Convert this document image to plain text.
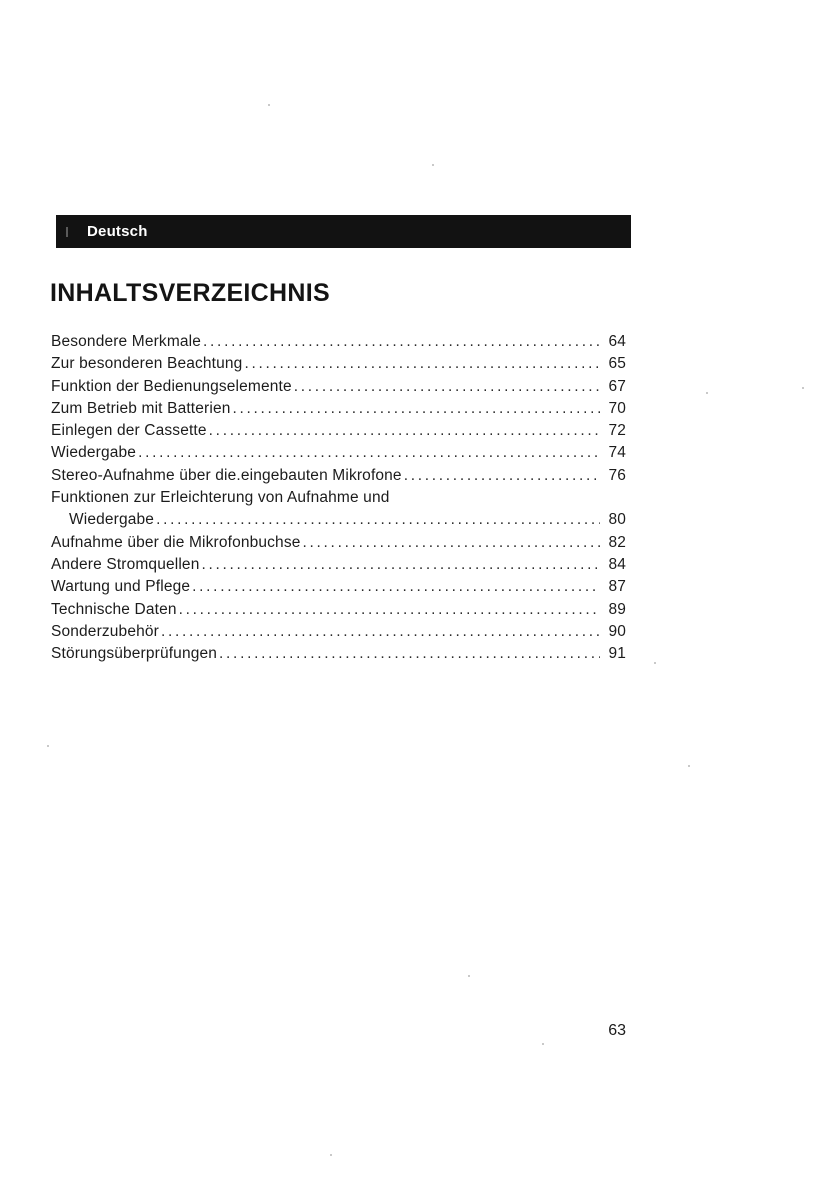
Deutsch
INHALTSVERZEICHNIS
Besondere Merkmale . . .	64
Zur besonderen Beachtung . . .	65
Funktion der Bedienungselemente . . .	67
Zum Betrieb mit Batterien . . .	70
Einlegen der Cassette . . .	72
Wiedergabe . . .	74
Stereo-Aufnahme über die.eingebauten Mikrofone . . .	76
Funktionen zur Erleichterung von Aufnahme und
Wiedergabe . . .	80
Aufnahme über die Mikrofonbuchse . . .	82
Andere Stromquellen . . .	84
Wartung und Pflege . . .	87
Technische Daten . . .	89
Sonderzubehör . . .	90
Störungsüberprüfungen . . .	91
63
